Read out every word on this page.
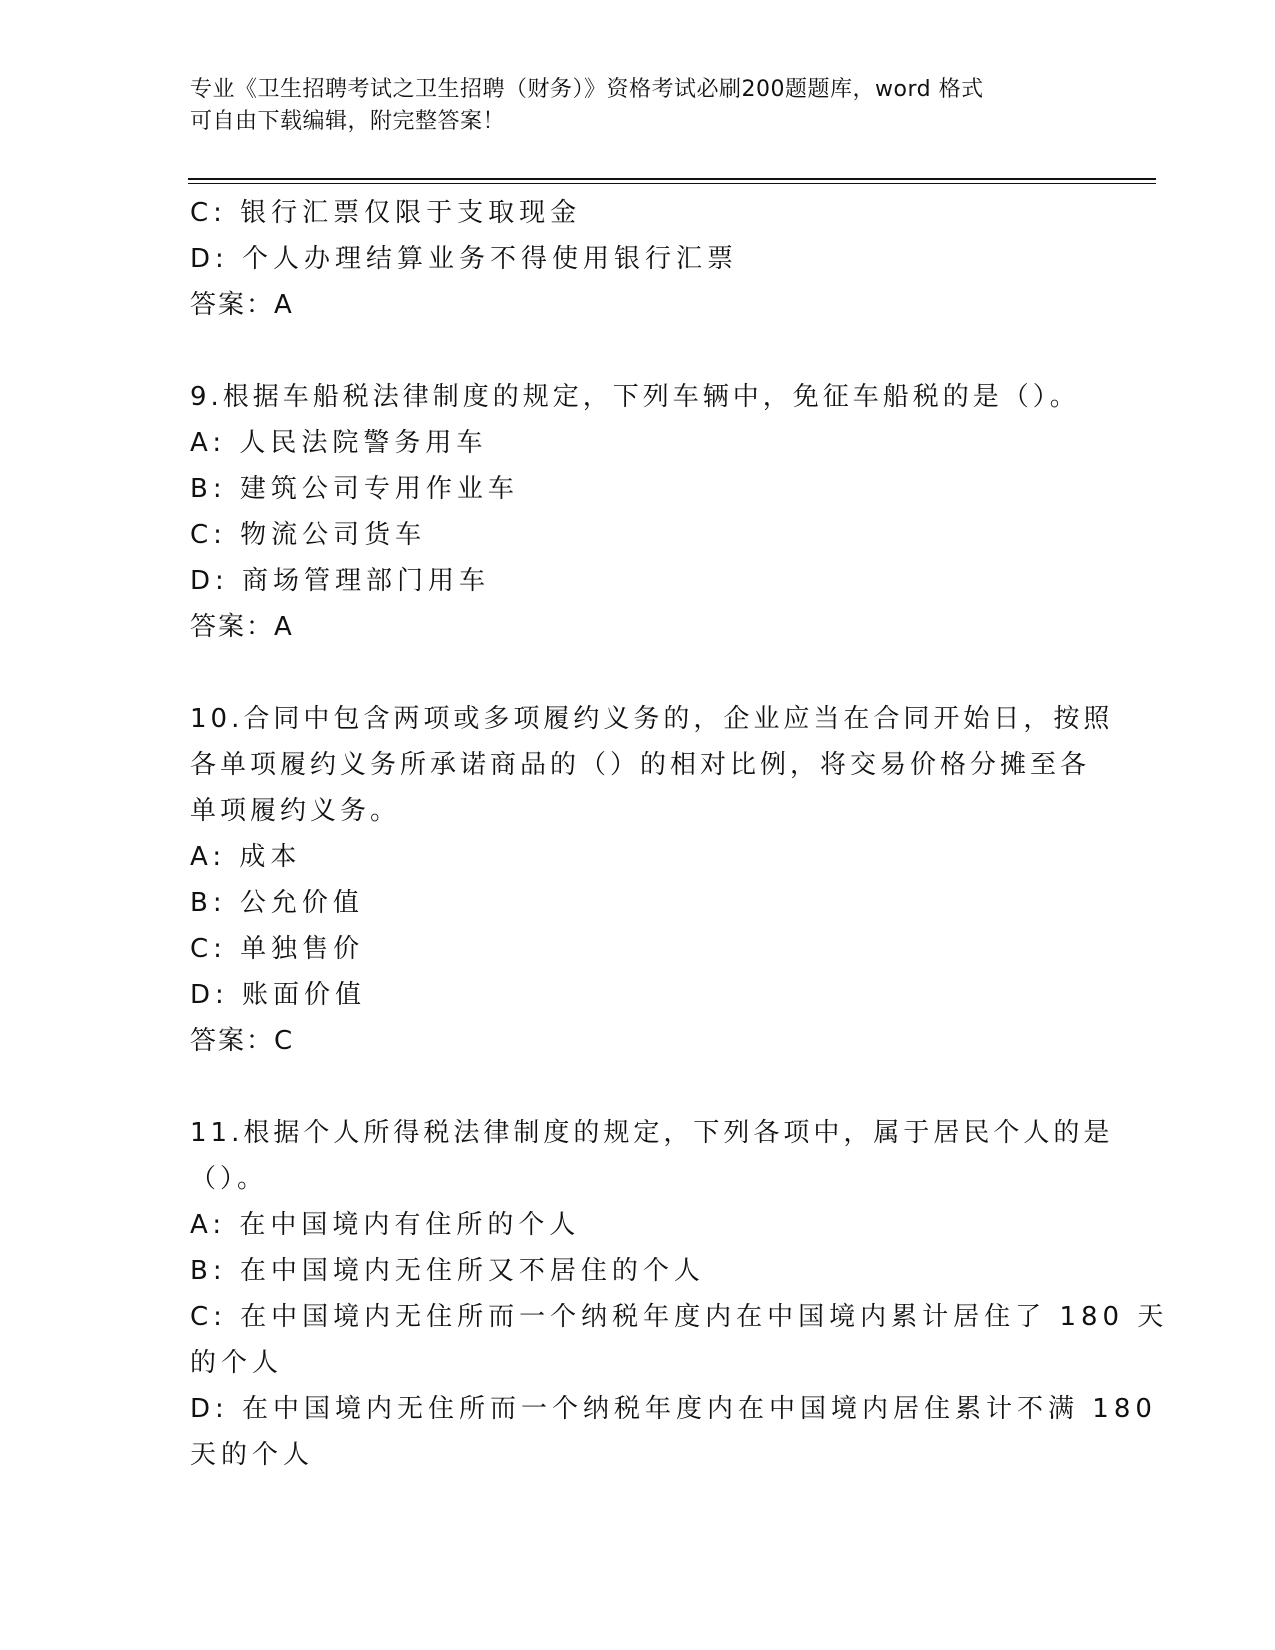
专业《卫生招聘考试之卫生招聘（财务）》资格考试必刷200题题库，word 格式
可自由下载编辑，附完整答案！
C: 银行汇票仅限于支取现金
D: 个人办理结算业务不得使用银行汇票
答案：A
9.根据车船税法律制度的规定，下列车辆中，免征车船税的是（）。
A: 人民法院警务用车
B: 建筑公司专用作业车
C: 物流公司货车
D: 商场管理部门用车
答案：A
10.合同中包含两项或多项履约义务的，企业应当在合同开始日，按照
各单项履约义务所承诺商品的（）的相对比例，将交易价格分摊至各
单项履约义务。
A: 成本
B: 公允价值
C: 单独售价
D: 账面价值
答案：C
11.根据个人所得税法律制度的规定，下列各项中，属于居民个人的是
（）。
A: 在中国境内有住所的个人
B: 在中国境内无住所又不居住的个人
C: 在中国境内无住所而一个纳税年度内在中国境内累计居住了 180 天
的个人
D: 在中国境内无住所而一个纳税年度内在中国境内居住累计不满 180
天的个人
